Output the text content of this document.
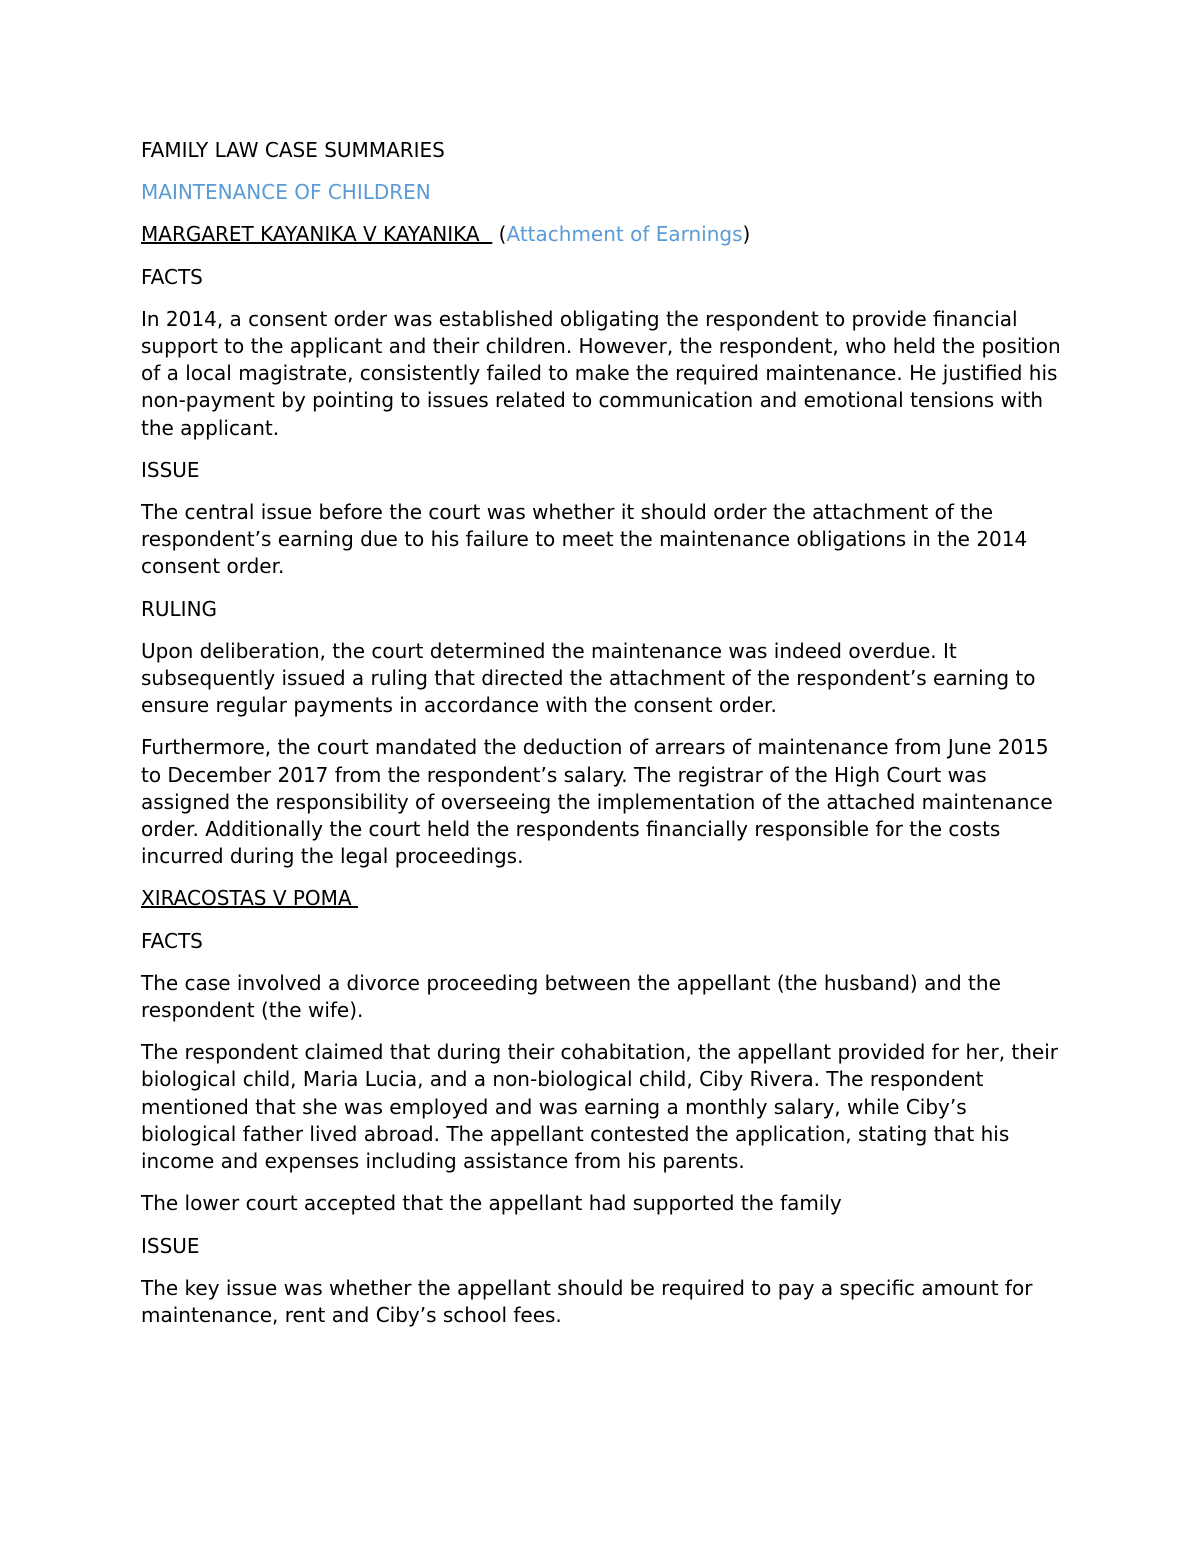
FAMILY LAW CASE SUMMARIES

MAINTENANCE OF CHILDREN

MARGARET KAYANIKA V KAYANIKA   (Attachment of Earnings)

FACTS

In 2014, a consent order was established obligating the respondent to provide financial support to the applicant and their children. However, the respondent, who held the position of a local magistrate, consistently failed to make the required maintenance. He justified his non-payment by pointing to issues related to communication and emotional tensions with the applicant.

ISSUE

The central issue before the court was whether it should order the attachment of the respondent’s earning due to his failure to meet the maintenance obligations in the 2014 consent order.

RULING

Upon deliberation, the court determined the maintenance was indeed overdue. It subsequently issued a ruling that directed the attachment of the respondent’s earning to ensure regular payments in accordance with the consent order.

Furthermore, the court mandated the deduction of arrears of maintenance from June 2015 to December 2017 from the respondent’s salary. The registrar of the High Court was assigned the responsibility of overseeing the implementation of the attached maintenance order. Additionally the court held the respondents financially responsible for the costs incurred during the legal proceedings.

XIRACOSTAS V POMA

FACTS

The case involved a divorce proceeding between the appellant (the husband) and the respondent (the wife).

The respondent claimed that during their cohabitation, the appellant provided for her, their biological child, Maria Lucia, and a non-biological child, Ciby Rivera. The respondent mentioned that she was employed and was earning a monthly salary, while Ciby’s biological father lived abroad. The appellant contested the application, stating that his income and expenses including assistance from his parents.

The lower court accepted that the appellant had supported the family

ISSUE

The key issue was whether the appellant should be required to pay a specific amount for maintenance, rent and Ciby’s school fees.
